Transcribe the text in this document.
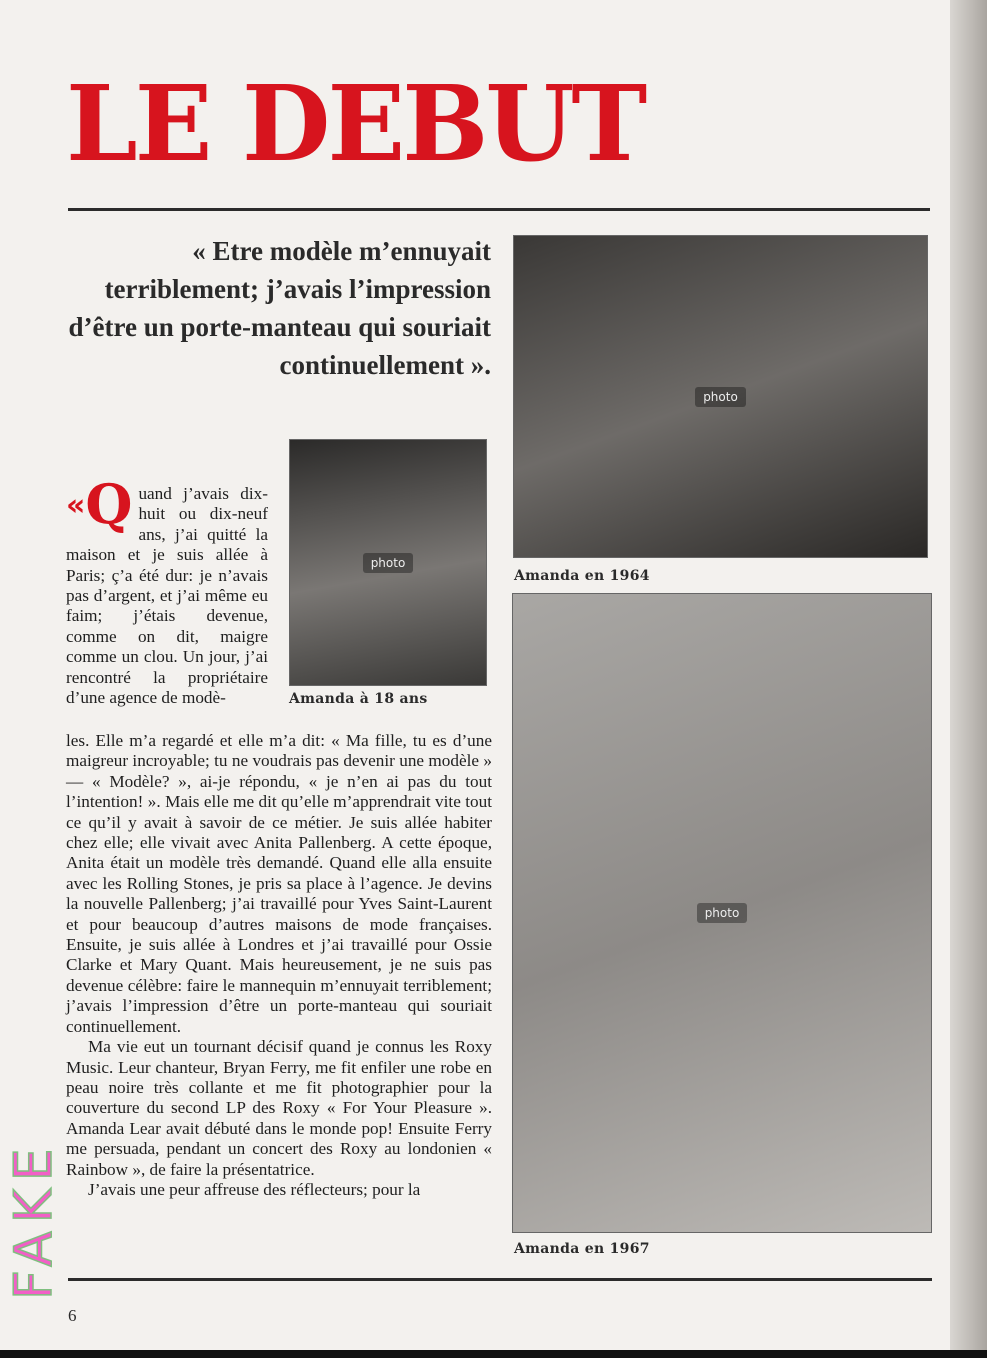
LE DEBUT
« Etre modèle m’ennuyait terriblement; j’avais l’impression d’être un porte-manteau qui souriait continuellement ».
photo
Amanda en 1964
photo
Amanda à 18 ans
photo
Amanda en 1967
«Q uand j’avais dix-huit ou dix-neuf ans, j’ai quitté la maison et je suis allée à Paris; ç’a été dur: je n’avais pas d’argent, et j’ai même eu faim; j’étais devenue, comme on dit, maigre comme un clou. Un jour, j’ai rencontré la propriétaire d’une agence de modè-
les. Elle m’a regardé et elle m’a dit: « Ma fille, tu es d’une maigreur incroyable; tu ne voudrais pas devenir une modèle » — « Modèle? », ai-je répondu, « je n’en ai pas du tout l’intention! ». Mais elle me dit qu’elle m’apprendrait vite tout ce qu’il y avait à savoir de ce métier. Je suis allée habiter chez elle; elle vivait avec Anita Pallenberg. A cette époque, Anita était un modèle très demandé. Quand elle alla ensuite avec les Rolling Stones, je pris sa place à l’agence. Je devins la nouvelle Pallenberg; j’ai travaillé pour Yves Saint-Laurent et pour beaucoup d’autres maisons de mode françaises. Ensuite, je suis allée à Londres et j’ai travaillé pour Ossie Clarke et Mary Quant. Mais heureusement, je ne suis pas devenue célèbre: faire le mannequin m’ennuyait terriblement; j’avais l’impression d’être un porte-manteau qui souriait continuellement.
Ma vie eut un tournant décisif quand je connus les Roxy Music. Leur chanteur, Bryan Ferry, me fit enfiler une robe en peau noire très collante et me fit photographier pour la couverture du second LP des Roxy « For Your Pleasure ». Amanda Lear avait débuté dans le monde pop! Ensuite Ferry me persuada, pendant un concert des Roxy au londonien « Rainbow », de faire la présentatrice.
J’avais une peur affreuse des réflecteurs; pour la
6
FAKE
